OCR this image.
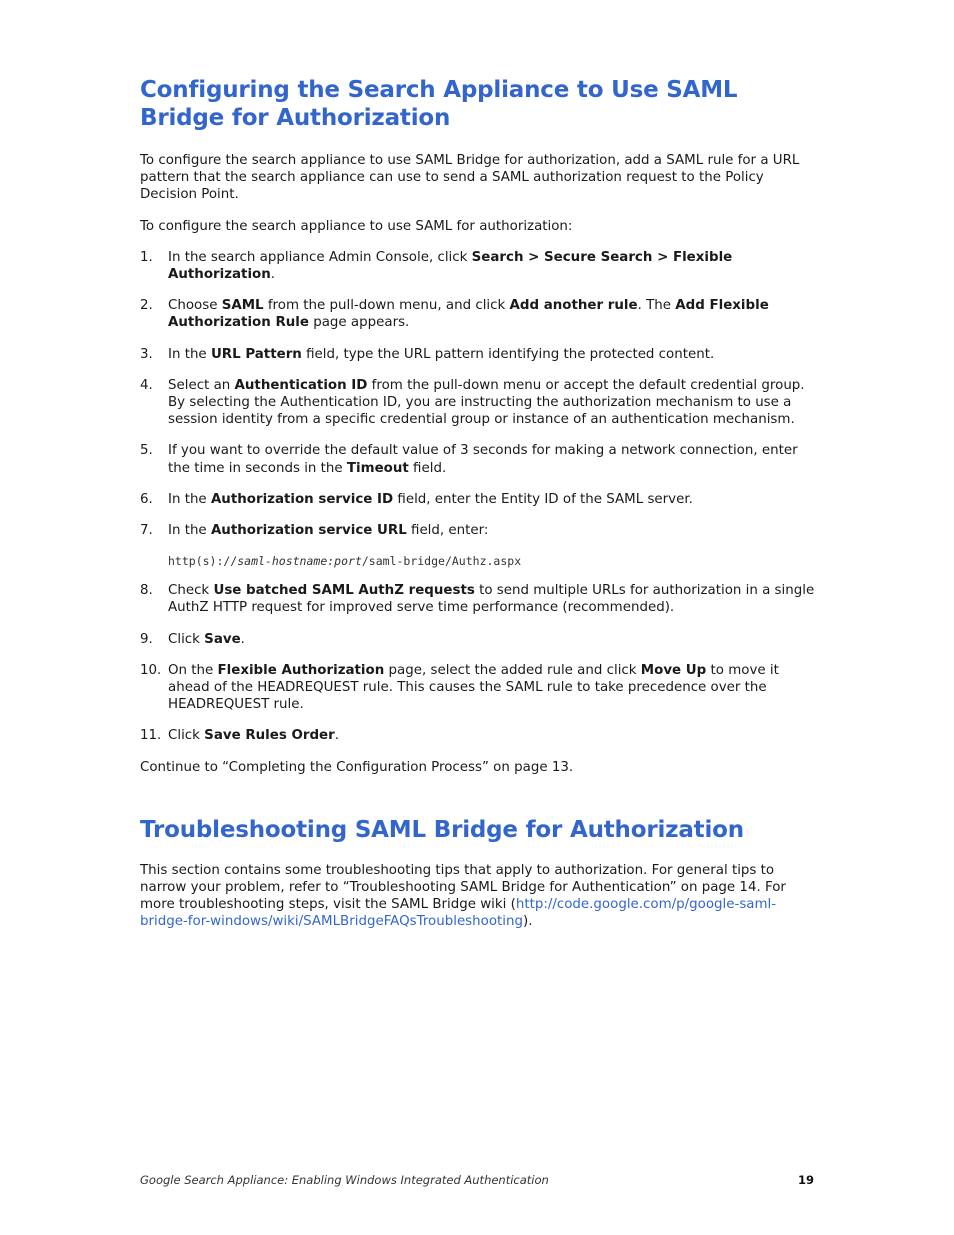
Configuring the Search Appliance to Use SAML Bridge for Authorization

To configure the search appliance to use SAML Bridge for authorization, add a SAML rule for a URL pattern that the search appliance can use to send a SAML authorization request to the Policy Decision Point.

To configure the search appliance to use SAML for authorization:

1. In the search appliance Admin Console, click Search > Secure Search > Flexible Authorization.
2. Choose SAML from the pull-down menu, and click Add another rule. The Add Flexible Authorization Rule page appears.
3. In the URL Pattern field, type the URL pattern identifying the protected content.
4. Select an Authentication ID from the pull-down menu or accept the default credential group. By selecting the Authentication ID, you are instructing the authorization mechanism to use a session identity from a specific credential group or instance of an authentication mechanism.
5. If you want to override the default value of 3 seconds for making a network connection, enter the time in seconds in the Timeout field.
6. In the Authorization service ID field, enter the Entity ID of the SAML server.
7. In the Authorization service URL field, enter:
http(s)://saml-hostname:port/saml-bridge/Authz.aspx
8. Check Use batched SAML AuthZ requests to send multiple URLs for authorization in a single AuthZ HTTP request for improved serve time performance (recommended).
9. Click Save.
10. On the Flexible Authorization page, select the added rule and click Move Up to move it ahead of the HEADREQUEST rule. This causes the SAML rule to take precedence over the HEADREQUEST rule.
11. Click Save Rules Order.

Continue to “Completing the Configuration Process” on page 13.

Troubleshooting SAML Bridge for Authorization

This section contains some troubleshooting tips that apply to authorization. For general tips to narrow your problem, refer to “Troubleshooting SAML Bridge for Authentication” on page 14. For more troubleshooting steps, visit the SAML Bridge wiki (http://code.google.com/p/google-saml-bridge-for-windows/wiki/SAMLBridgeFAQsTroubleshooting).

Google Search Appliance: Enabling Windows Integrated Authentication	19
